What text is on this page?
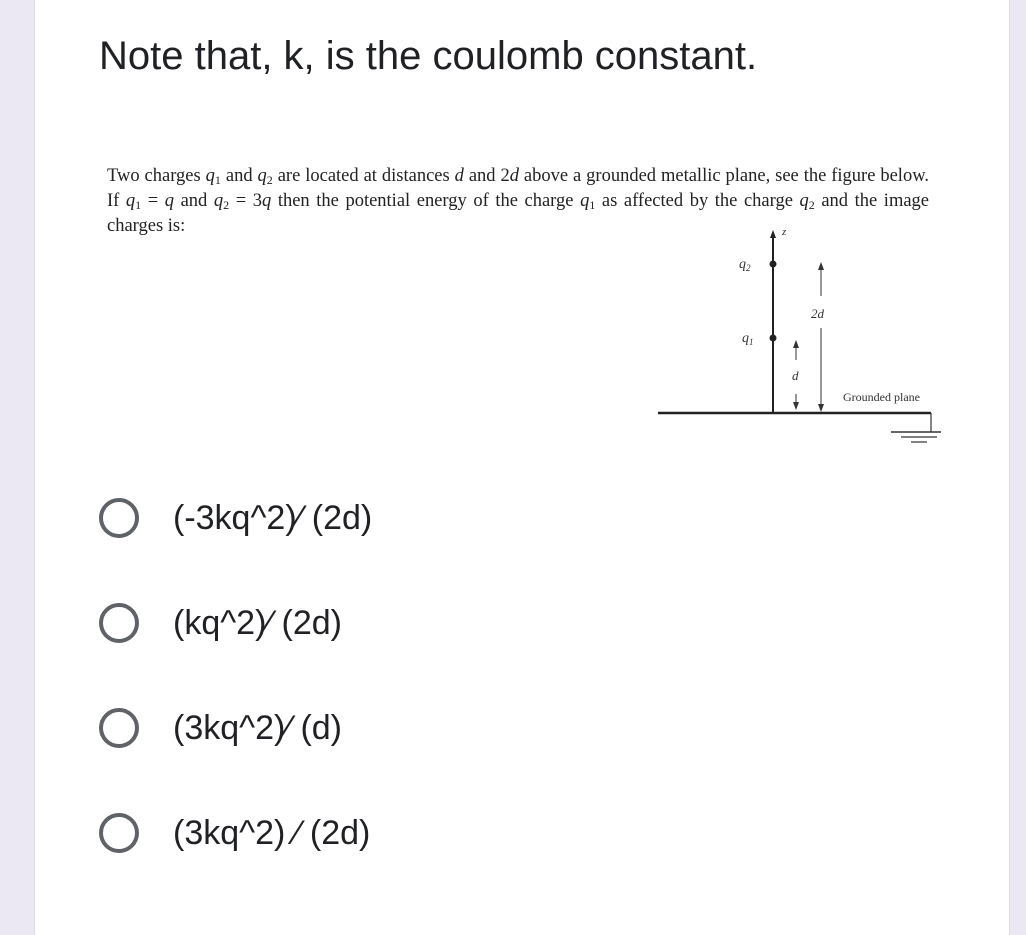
Note that, k, is the coulomb constant.
Two charges $q_1$ and $q_2$ are located at distances d and 2d above a grounded metallic plane, see the figure below. If $q_1 = q$ and $q_2 = 3q$ then the potential energy of the charge $q_1$ as affected by the charge $q_2$ and the image charges is:	z
$q_2$
$q_1$
2d
d
Grounded plane
(-3kq^2)⁄ (2d)
(kq^2)⁄ (2d)
(3kq^2)⁄ (d)
(3kq^2) ⁄ (2d)
